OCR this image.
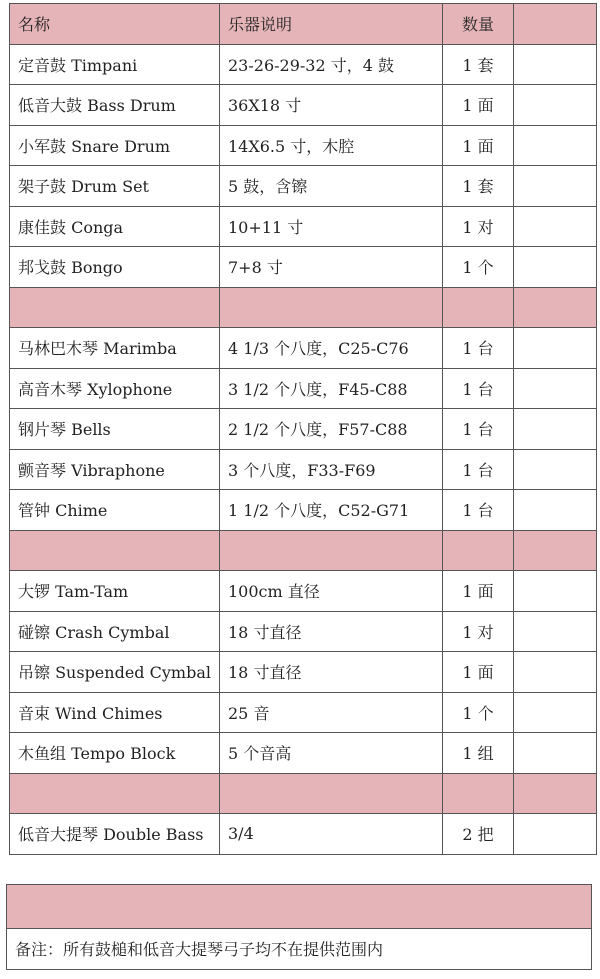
名称	乐器说明	数量	
定音鼓 Timpani	23-26-29-32 寸，4 鼓	1 套	
低音大鼓 Bass Drum	36X18 寸	1 面	
小军鼓 Snare Drum	14X6.5 寸，木腔	1 面	
架子鼓 Drum Set	5 鼓，含镲	1 套	
康佳鼓 Conga	10+11 寸	1 对	
邦戈鼓 Bongo	7+8 寸	1 个	

马林巴木琴 Marimba	4 1/3 个八度，C25-C76	1 台	
高音木琴 Xylophone	3 1/2 个八度，F45-C88	1 台	
钢片琴 Bells	2 1/2 个八度，F57-C88	1 台	
颤音琴 Vibraphone	3 个八度，F33-F69	1 台	
管钟 Chime	1 1/2 个八度，C52-G71	1 台	

大锣 Tam-Tam	100cm 直径	1 面	
碰镲 Crash Cymbal	18 寸直径	1 对	
吊镲 Suspended Cymbal	18 寸直径	1 面	
音束 Wind Chimes	25 音	1 个	
木鱼组 Tempo Block	5 个音高	1 组	

低音大提琴 Double Bass	3/4	2 把	
备注：所有鼓槌和低音大提琴弓子均不在提供范围内
